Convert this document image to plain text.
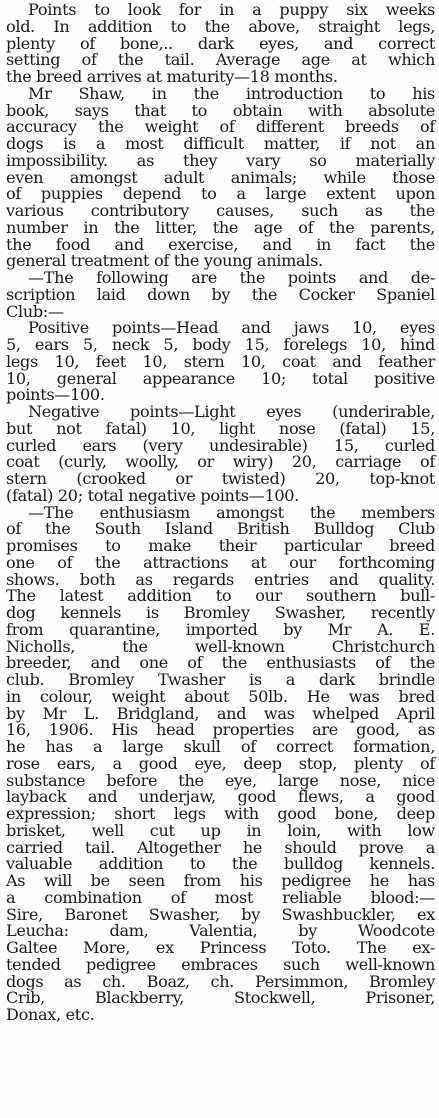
Points to look for in a puppy six weeks
old. In addition to the above, straight legs,
plenty of bone,.. dark eyes, and correct
setting of the tail. Average age at which
the breed arrives at maturity—18 months.
Mr Shaw, in the introduction to his
book, says that to obtain with absolute
accuracy the weight of different breeds of
dogs is a most difficult matter, if not an
impossibility. as they vary so materially
even amongst adult animals; while those
of puppies depend to a large extent upon
various contributory causes, such as the
number in the litter, the age of the parents,
the food and exercise, and in fact the
general treatment of the young animals.
—The following are the points and de-
scription laid down by the Cocker Spaniel
Club:—
Positive points—Head and jaws 10, eyes
5, ears 5, neck 5, body 15, forelegs 10, hind
legs 10, feet 10, stern 10, coat and feather
10, general appearance 10; total positive
points—100.
Negative points—Light eyes (underirable,
but not fatal) 10, light nose (fatal) 15,
curled ears (very undesirable) 15, curled
coat (curly, woolly, or wiry) 20, carriage of
stern (crooked or twisted) 20, top-knot
(fatal) 20; total negative points—100.
—The enthusiasm amongst the members
of the South Island British Bulldog Club
promises to make their particular breed
one of the attractions at our forthcoming
shows. both as regards entries and quality.
The latest addition to our southern bull-
dog kennels is Bromley Swasher, recently
from quarantine, imported by Mr A. E.
Nicholls, the well-known Christchurch
breeder, and one of the enthusiasts of the
club. Bromley Twasher is a dark brindle
in colour, weight about 50lb. He was bred
by Mr L. Bridgland, and was whelped April
16, 1906. His head properties are good, as
he has a large skull of correct formation,
rose ears, a good eye, deep stop, plenty of
substance before the eye, large nose, nice
layback and underjaw, good flews, a good
expression; short legs with good bone, deep
brisket, well cut up in loin, with low
carried tail. Altogether he should prove a
valuable addition to the bulldog kennels.
As will be seen from his pedigree he has
a combination of most reliable blood:—
Sire, Baronet Swasher, by Swashbuckler, ex
Leucha: dam, Valentia, by Woodcote
Galtee More, ex Princess Toto. The ex-
tended pedigree embraces such well-known
dogs as ch. Boaz, ch. Persimmon, Bromley
Crib, Blackberry, Stockwell, Prisoner,
Donax, etc.
